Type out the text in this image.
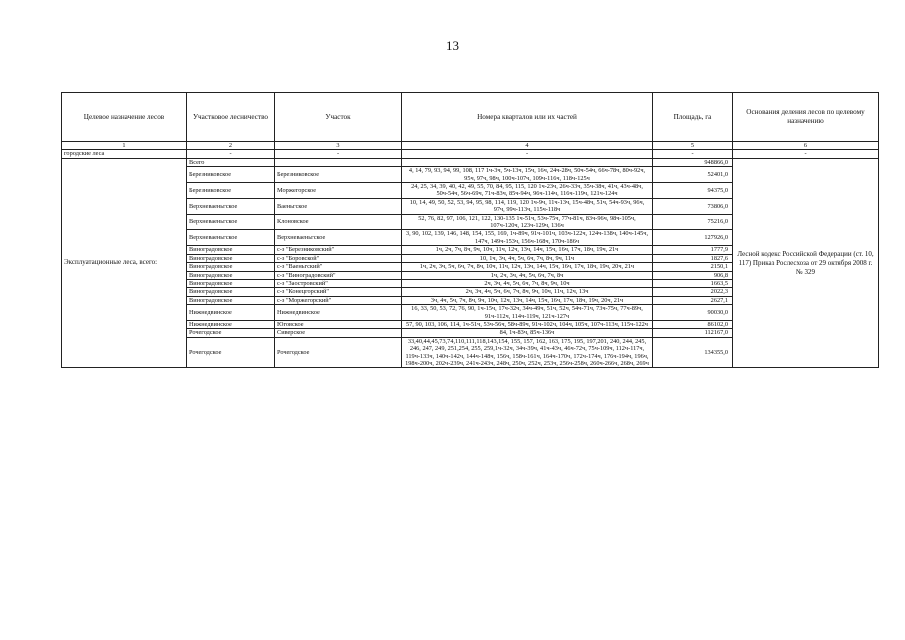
13
Целевое назначение лесов	Участковое лесничество	Участок	Номера кварталов или их частей	Площадь, га	Основания деления лесов по целевому назначению
1	2	3	4	5	6
городские леса	-	-	-	-	-
Эксплуатационные леса, всего:	Всего			948866,0	Лесной кодекс Российской Федерации (ст. 10, 117) Приказ Рослесхоза от 29 октября 2008 г. № 329
	Березниковское	Березниковское	4, 14, 79, 93, 94, 99, 108, 117 1ч-3ч, 5ч-13ч, 15ч, 16ч, 24ч-28ч, 50ч-54ч, 66ч-78ч, 80ч-92ч, 95ч, 97ч, 98ч, 100ч-107ч, 109ч-116ч, 118ч-125ч	52401,0	
	Березниковское	Моржегорское	24, 25, 34, 39, 40, 42, 49, 55, 70, 84, 95, 115, 120 1ч-23ч, 26ч-33ч, 35ч-38ч, 41ч, 43ч-48ч, 50ч-54ч, 56ч-69ч, 71ч-83ч, 85ч-94ч, 96ч-114ч, 116ч-119ч, 121ч-124ч	94375,0	
	Верхневаеньгское	Ваеньгское	10, 14, 49, 50, 52, 53, 94, 95, 98, 114, 119, 120 1ч-9ч, 11ч-13ч, 15ч-48ч, 51ч, 54ч-93ч, 96ч, 97ч, 99ч-113ч, 115ч-118ч	73806,0	
	Верхневаеньгское	Клоновское	52, 76, 82, 97, 106, 121, 122, 130-135 1ч-51ч, 53ч-75ч, 77ч-81ч, 83ч-96ч, 98ч-105ч, 107ч-120ч, 123ч-129ч, 136ч	75216,0	
	Верхневаеньгское	Верхневаеньгское	3, 90, 102, 139, 146, 148, 154, 155, 169, 1ч-89ч, 91ч-101ч, 103ч-122ч, 124ч-138ч, 140ч-145ч, 147ч, 149ч-153ч, 156ч-168ч, 170ч-186ч	127926,0	
	Виноградовское	с-з "Березниковский"	1ч, 2ч, 7ч, 8ч, 9ч, 10ч, 11ч, 12ч, 13ч, 14ч, 15ч, 16ч, 17ч, 18ч, 19ч, 21ч	1777,9	
	Виноградовское	с-з "Боровской"	10, 1ч, 3ч, 4ч, 5ч, 6ч, 7ч, 8ч, 9ч, 11ч	1827,6	
	Виноградовское	с-з "Ваеньгский"	1ч, 2ч, 3ч, 5ч, 6ч, 7ч, 8ч, 10ч, 11ч, 12ч, 13ч, 14ч, 15ч, 16ч, 17ч, 18ч, 19ч, 20ч, 21ч	2150,1	
	Виноградовское	с-з "Виноградовский"	1ч, 2ч, 3ч, 4ч, 5ч, 6ч, 7ч, 8ч	906,8	
	Виноградовское	с-з "Заостровский"	2ч, 3ч, 4ч, 5ч, 6ч, 7ч, 8ч, 9ч, 10ч	1663,5	
	Виноградовское	с-з "Конецгорский"	2ч, 3ч, 4ч, 5ч, 6ч, 7ч, 8ч, 9ч, 10ч, 11ч, 12ч, 13ч	2022,3	
	Виноградовское	с-з "Моржегорский"	3ч, 4ч, 5ч, 7ч, 8ч, 9ч, 10ч, 12ч, 13ч, 14ч, 15ч, 16ч, 17ч, 18ч, 19ч, 20ч, 21ч	2627,1	
	Нижнедвинское	Нижнедвинское	16, 33, 50, 53, 72, 76, 90, 1ч-15ч, 17ч-32ч, 34ч-49ч, 51ч, 52ч, 54ч-71ч, 73ч-75ч, 77ч-89ч, 91ч-112ч, 114ч-119ч, 121ч-127ч	90030,0	
	Нижнедвинское	Юговское	57, 90, 103, 106, 114, 1ч-51ч, 53ч-56ч, 58ч-89ч, 91ч-102ч, 104ч, 105ч, 107ч-113ч, 115ч-122ч	86102,0	
	Рочегодское	Сиверское	84, 1ч-83ч, 85ч-136ч	112167,0	
	Рочегодское	Рочегодское	33,40,44,45,73,74,110,111,118,143,154, 155, 157, 162, 163, 175, 195, 197,201, 240, 244, 245, 246, 247, 249, 251,254, 255, 259,1ч-32ч, 34ч-39ч, 41ч-43ч, 46ч-72ч, 75ч-109ч, 112ч-117ч, 119ч-133ч, 140ч-142ч, 144ч-148ч, 156ч, 158ч-161ч, 164ч-170ч, 172ч-174ч, 176ч-194ч, 196ч, 198ч-200ч, 202ч-239ч, 241ч-243ч, 248ч, 250ч, 252ч, 253ч, 256ч-258ч, 260ч-266ч, 268ч, 269ч	134355,0	
